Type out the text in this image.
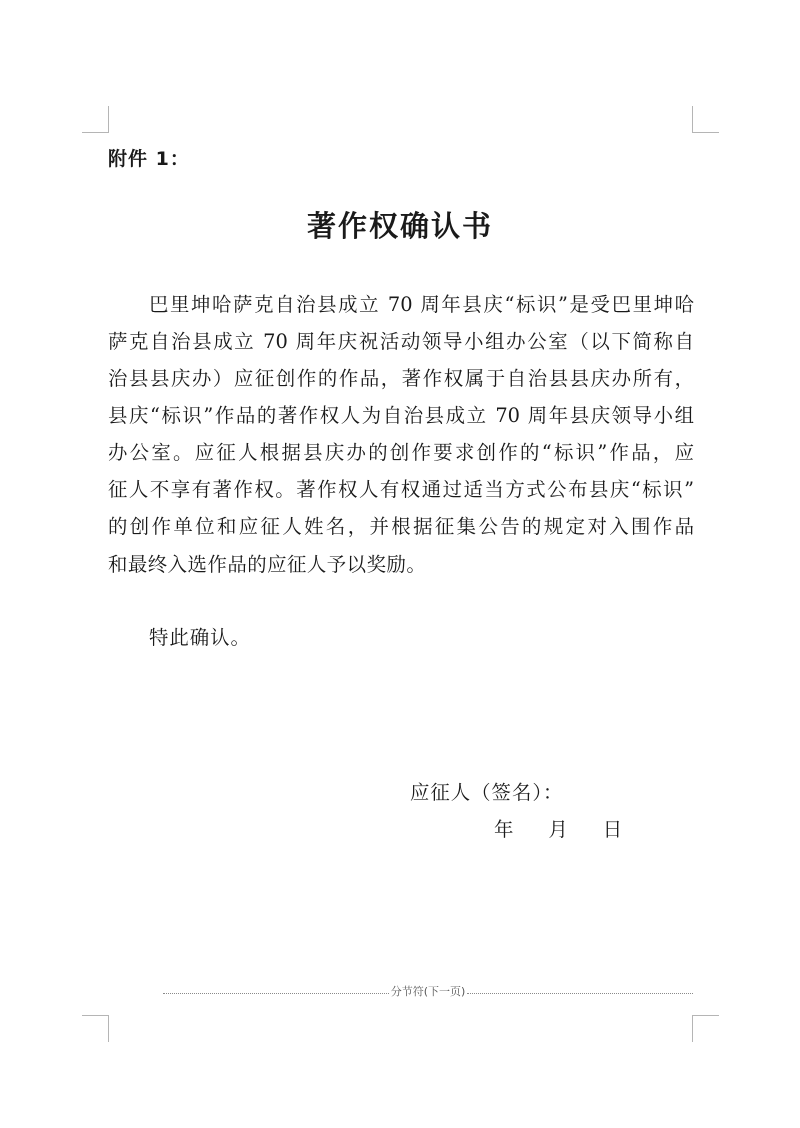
附件 1：
著作权确认书
巴里坤哈萨克自治县成立 70 周年县庆“标识”是受巴里坤哈
萨克自治县成立 70 周年庆祝活动领导小组办公室（以下简称自
治县县庆办）应征创作的作品，著作权属于自治县县庆办所有，
县庆“标识”作品的著作权人为自治县成立 70 周年县庆领导小组
办公室。应征人根据县庆办的创作要求创作的“标识”作品，应
征人不享有著作权。著作权人有权通过适当方式公布县庆“标识”
的创作单位和应征人姓名，并根据征集公告的规定对入围作品
和最终入选作品的应征人予以奖励。
特此确认。
应征人（签名）：
年 月 日
分节符(下一页)
